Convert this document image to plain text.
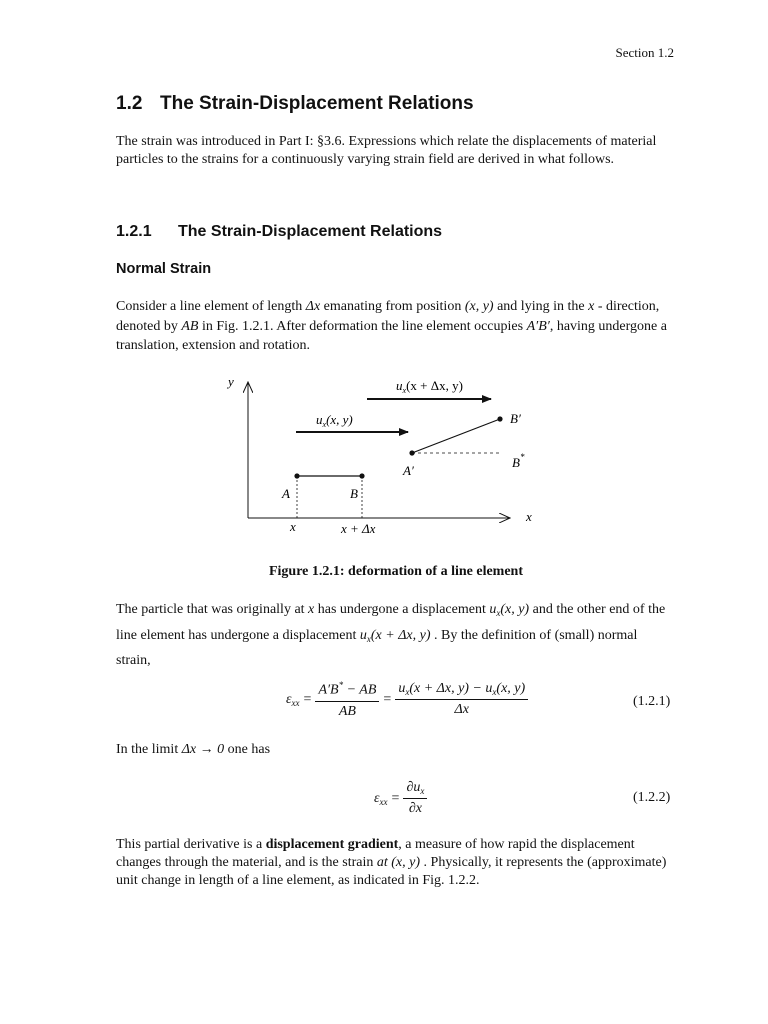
Section 1.2
1.2 The Strain-Displacement Relations
The strain was introduced in Part I: §3.6. Expressions which relate the displacements of material particles to the strains for a continuously varying strain field are derived in what follows.
1.2.1 The Strain-Displacement Relations
Normal Strain
Consider a line element of length Δx emanating from position (x, y) and lying in the x - direction, denoted by AB in Fig. 1.2.1. After deformation the line element occupies A′B′, having undergone a translation, extension and rotation.
y
x
$u_x(x + \Delta x$, y)
$u_x(x$, y)
A	B
A′
B′
B*
x	x + Δx
Figure 1.2.1: deformation of a line element
The particle that was originally at x has undergone a displacement $u_x(x$, y) and the other end of the line element has undergone a displacement $u_x(x + \Delta x$, y) . By the definition of (small) normal strain,
$\varepsilon_{xx} = \frac{A'B^* - AB}{AB} = \frac{u_x(x + \Delta x, y) - u_x(x, y)}{\Delta x}$	(1.2.1)
In the limit Δx → 0 one has
$\varepsilon_{xx} = \frac{\partial u_x}{\partial x}$	(1.2.2)
This partial derivative is a displacement gradient, a measure of how rapid the displacement changes through the material, and is the strain at (x, y) . Physically, it represents the (approximate) unit change in length of a line element, as indicated in Fig. 1.2.2.
